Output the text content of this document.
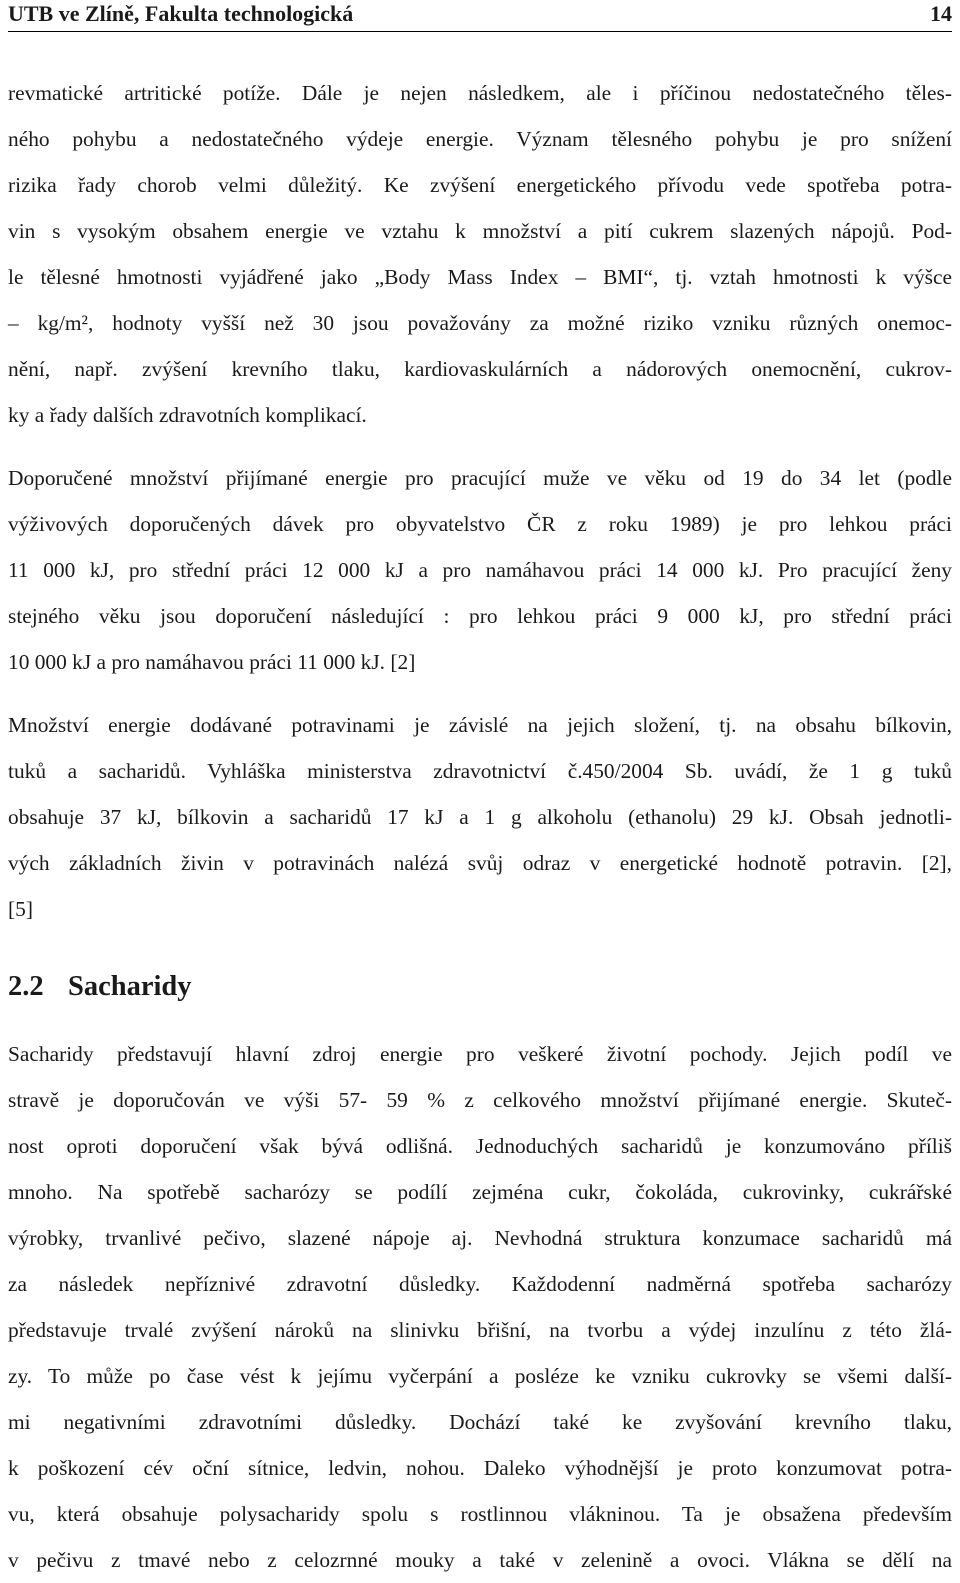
UTB ve Zlíně, Fakulta technologická	14
revmatické artritické potíže. Dále je nejen následkem, ale i příčinou nedostatečného těles-
ného pohybu a nedostatečného výdeje energie. Význam tělesného pohybu je pro snížení
rizika řady chorob velmi důležitý. Ke zvýšení energetického přívodu vede spotřeba potra-
vin s vysokým obsahem energie ve vztahu k množství a pití cukrem slazených nápojů. Pod-
le tělesné hmotnosti vyjádřené jako „Body Mass Index – BMI“, tj. vztah hmotnosti k výšce
– kg/m², hodnoty vyšší než 30 jsou považovány za možné riziko vzniku různých onemoc-
nění, např. zvýšení krevního tlaku, kardiovaskulárních a nádorových onemocnění, cukrov-
ky a řady dalších zdravotních komplikací.
Doporučené množství přijímané energie pro pracující muže ve věku od 19 do 34 let (podle
výživových doporučených dávek pro obyvatelstvo ČR z roku 1989) je pro lehkou práci
11 000 kJ, pro střední práci 12 000 kJ a pro namáhavou práci 14 000 kJ. Pro pracující ženy
stejného věku jsou doporučení následující : pro lehkou práci 9 000 kJ, pro střední práci
10 000 kJ a pro namáhavou práci 11 000 kJ. [2]
Množství energie dodávané potravinami je závislé na jejich složení, tj. na obsahu bílkovin,
tuků a sacharidů. Vyhláška ministerstva zdravotnictví č.450/2004 Sb. uvádí, že 1 g tuků
obsahuje 37 kJ, bílkovin a sacharidů 17 kJ a 1 g alkoholu (ethanolu) 29 kJ. Obsah jednotli-
vých základních živin v potravinách nalézá svůj odraz v energetické hodnotě potravin. [2],
[5]
2.2 Sacharidy
Sacharidy představují hlavní zdroj energie pro veškeré životní pochody. Jejich podíl ve
stravě je doporučován ve výši 57- 59 % z celkového množství přijímané energie. Skuteč-
nost oproti doporučení však bývá odlišná. Jednoduchých sacharidů je konzumováno příliš
mnoho. Na spotřebě sacharózy se podílí zejména cukr, čokoláda, cukrovinky, cukrářské
výrobky, trvanlivé pečivo, slazené nápoje aj. Nevhodná struktura konzumace sacharidů má
za následek nepříznivé zdravotní důsledky. Každodenní nadměrná spotřeba sacharózy
představuje trvalé zvýšení nároků na slinivku břišní, na tvorbu a výdej inzulínu z této žlá-
zy. To může po čase vést k jejímu vyčerpání a posléze ke vzniku cukrovky se všemi další-
mi negativními zdravotními důsledky. Dochází také ke zvyšování krevního tlaku,
k poškození cév oční sítnice, ledvin, nohou. Daleko výhodnější je proto konzumovat potra-
vu, která obsahuje polysacharidy spolu s rostlinnou vlákninou. Ta je obsažena především
v pečivu z tmavé nebo z celozrnné mouky a také v zelenině a ovoci. Vlákna se dělí na
